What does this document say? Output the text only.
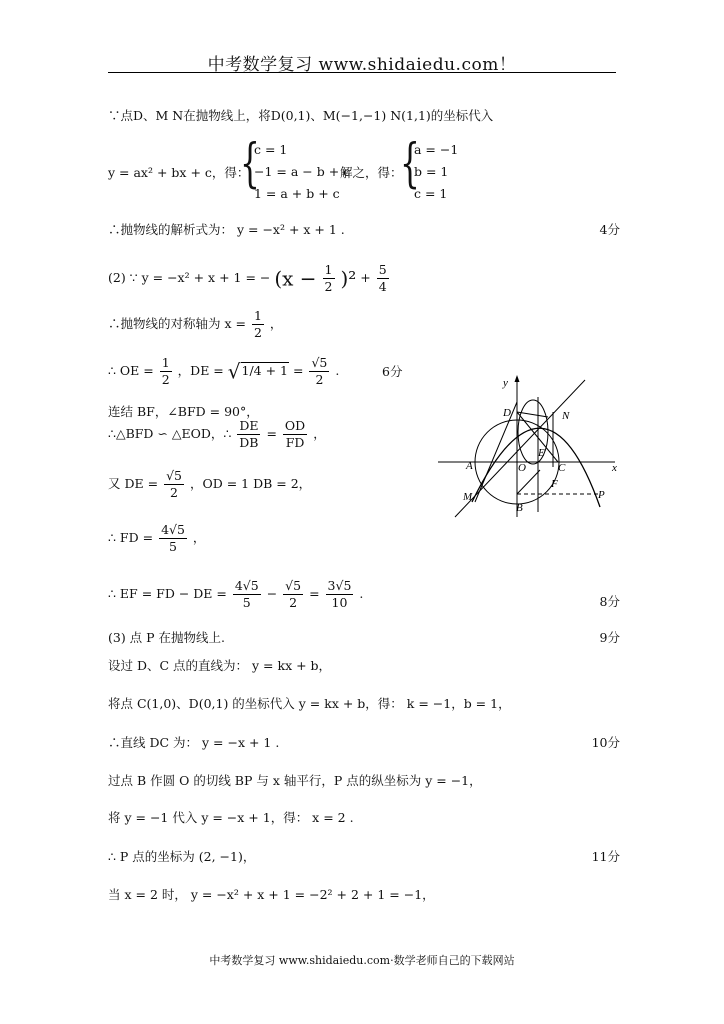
中考数学复习 www.shidaiedu.com！
∵点D、M N在抛物线上，将D(0,1)、M(−1,−1) N(1,1)的坐标代入
y = ax² + bx + c，得：
{
c = 1
−1 = a − b + c
1 = a + b + c
解之，得：
{
a = −1
b = 1
c = 1
∴抛物线的解析式为： y = −x² + x + 1 .	4分
(2) ∵ y = −x² + x + 1 = − $(x - \frac{1}{2} )^2 + \frac{5}{4}$
∴抛物线的对称轴为 $x = \frac{1}{2}$ ，
∴ OE = $\frac{1}{2}$ ，DE = $√1/4 + 1 = \frac{√5}{2}$ .	6分
连结 BF，∠BFD = 90°，
∴△BFD ∽ △EOD，∴ $\frac{DE}{DB} = \frac{OD}{FD}$ ，
又 DE = $\frac{√5}{2}$ ，OD = 1 DB = 2，
∴ FD = $\frac{4√5}{5}$ ，
∴ EF = FD − DE = $\frac{4√5}{5} - \frac{√5}{2} = \frac{3√5}{10}$ .
8分
(3) 点 P 在抛物线上.	9分
设过 D、C 点的直线为： y = kx + b，
将点 C(1,0)、D(0,1) 的坐标代入 y = kx + b，得： k = −1，b = 1，
∴直线 DC 为： y = −x + 1 .	10分
过点 B 作圆 O 的切线 BP 与 x 轴平行，P 点的纵坐标为 y = −1，
将 y = −1 代入 y = −x + 1，得： x = 2 .
∴ P 点的坐标为 (2, −1)，	11分
当 x = 2 时， y = −x² + x + 1 = −2² + 2 + 1 = −1，
y
x
D	N
E
A	O	C
F
M	P
B
中考数学复习 www.shidaiedu.com·数学老师自己的下载网站
